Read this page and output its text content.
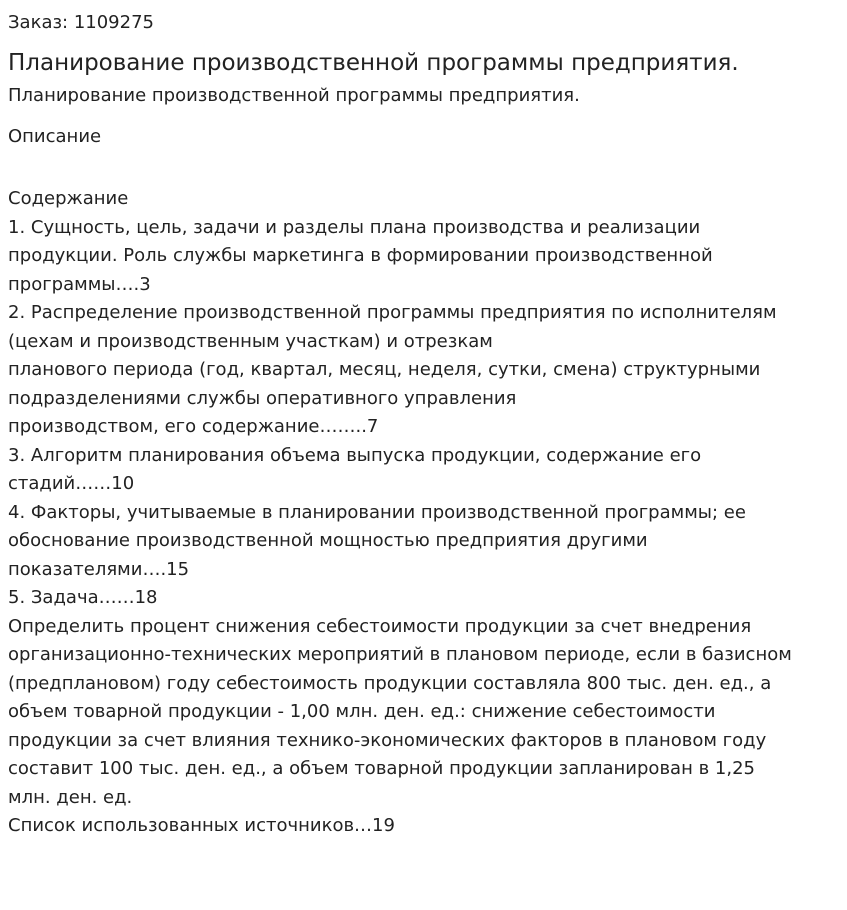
Заказ: 1109275
Планирование производственной программы предприятия.
Планирование производственной программы предприятия.
Описание
Содержание
1. Сущность, цель, задачи и разделы плана производства и реализации
продукции. Роль службы маркетинга в формировании производственной
программы….3
2. Распределение производственной программы предприятия по исполнителям
(цехам и производственным участкам) и отрезкам
планового периода (год, квартал, месяц, неделя, сутки, смена) структурными
подразделениями службы оперативного управления
производством, его содержание……..7
3. Алгоритм планирования объема выпуска продукции, содержание его
стадий……10
4. Факторы, учитываемые в планировании производственной программы; ее
обоснование производственной мощностью предприятия другими
показателями….15
5. Задача……18
Определить процент снижения себестоимости продукции за счет внедрения
организационно-технических мероприятий в плановом периоде, если в базисном
(предплановом) году себестоимость продукции составляла 800 тыс. ден. ед., а
объем товарной продукции - 1,00 млн. ден. ед.: снижение себестоимости
продукции за счет влияния технико-экономических факторов в плановом году
составит 100 тыс. ден. ед., а объем товарной продукции запланирован в 1,25
млн. ден. ед.
Список использованных источников…19
